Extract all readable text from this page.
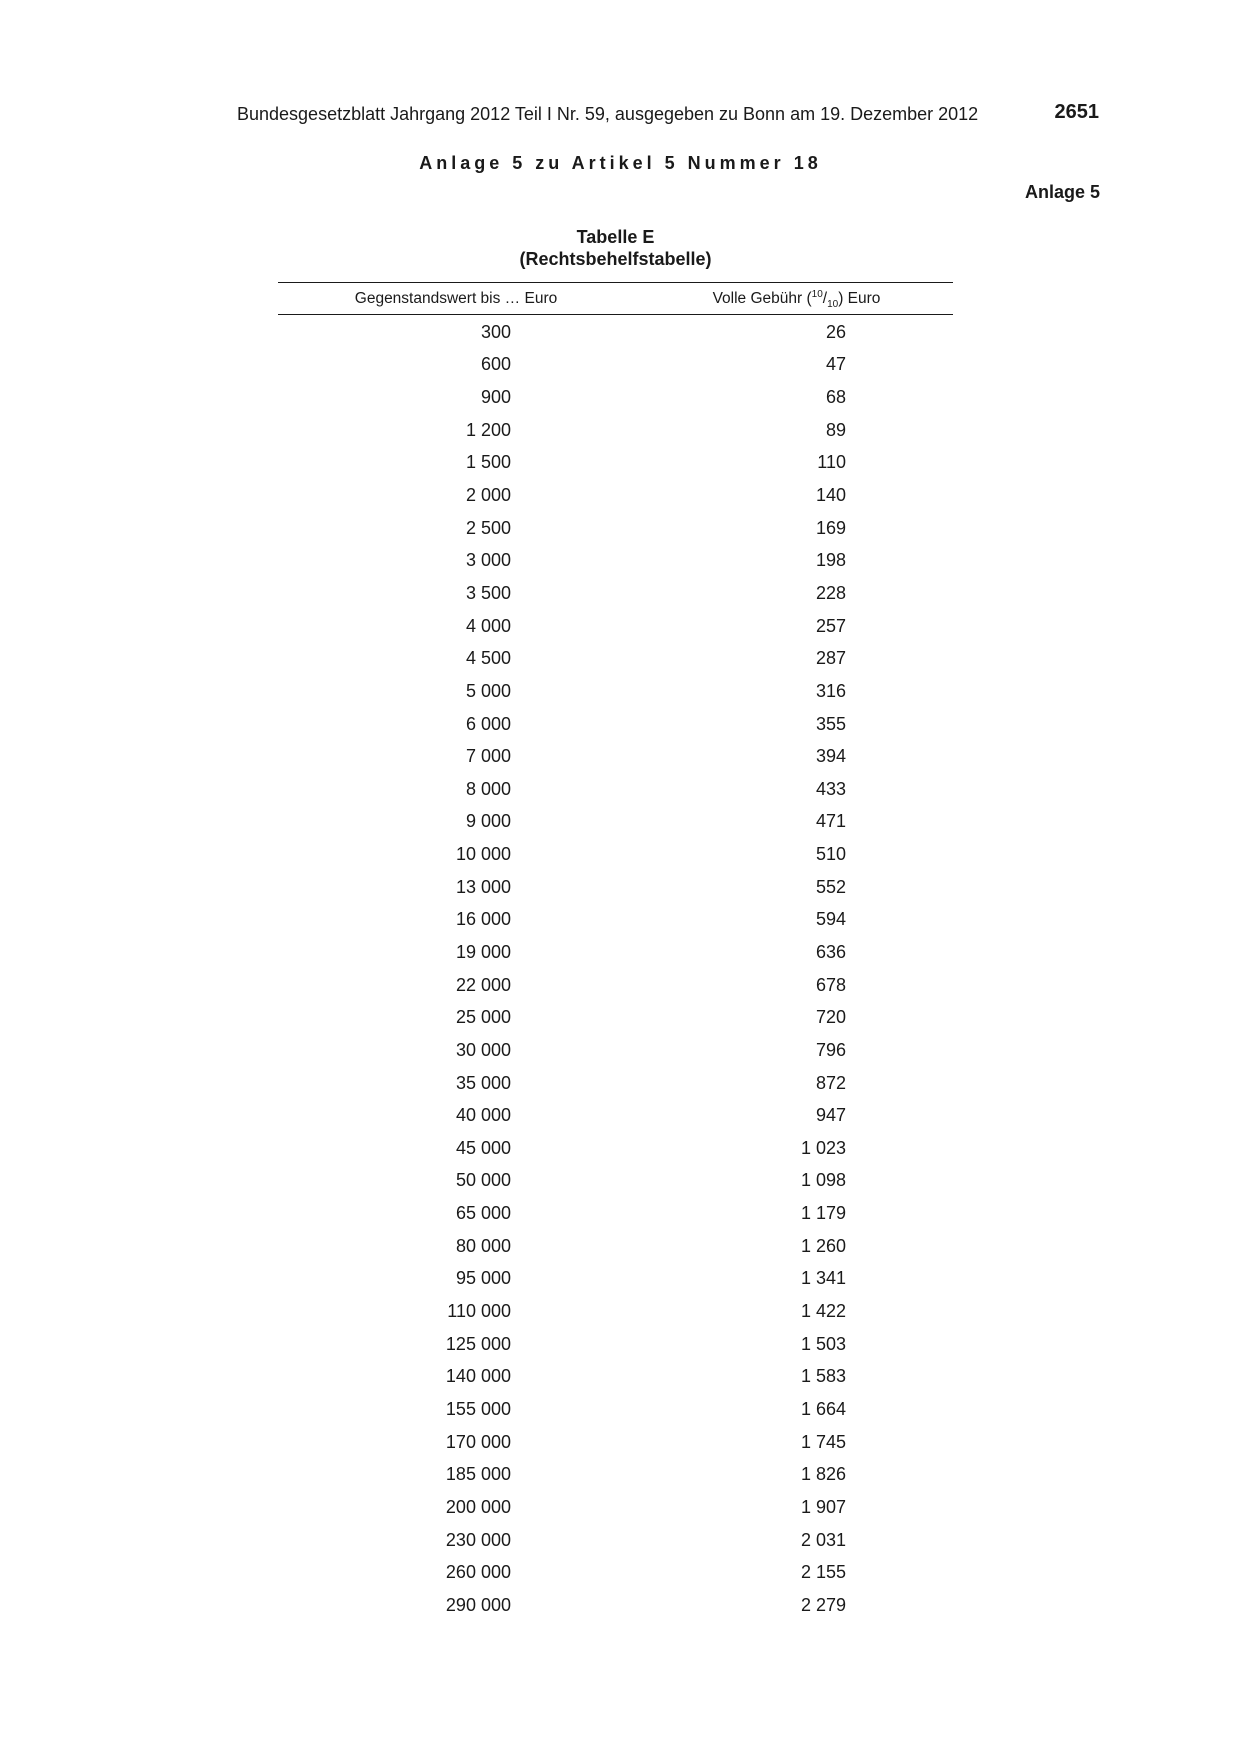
Bundesgesetzblatt Jahrgang 2012 Teil I Nr. 59, ausgegeben zu Bonn am 19. Dezember 2012	2651
Anlage 5 zu Artikel 5 Nummer 18
Anlage 5
Tabelle E
(Rechtsbehelfstabelle)
Gegenstandswert bis … Euro	Volle Gebühr $(^{10}/_{10})$ Euro
300	26
600	47
900	68
1 200	89
1 500	110
2 000	140
2 500	169
3 000	198
3 500	228
4 000	257
4 500	287
5 000	316
6 000	355
7 000	394
8 000	433
9 000	471
10 000	510
13 000	552
16 000	594
19 000	636
22 000	678
25 000	720
30 000	796
35 000	872
40 000	947
45 000	1 023
50 000	1 098
65 000	1 179
80 000	1 260
95 000	1 341
110 000	1 422
125 000	1 503
140 000	1 583
155 000	1 664
170 000	1 745
185 000	1 826
200 000	1 907
230 000	2 031
260 000	2 155
290 000	2 279
